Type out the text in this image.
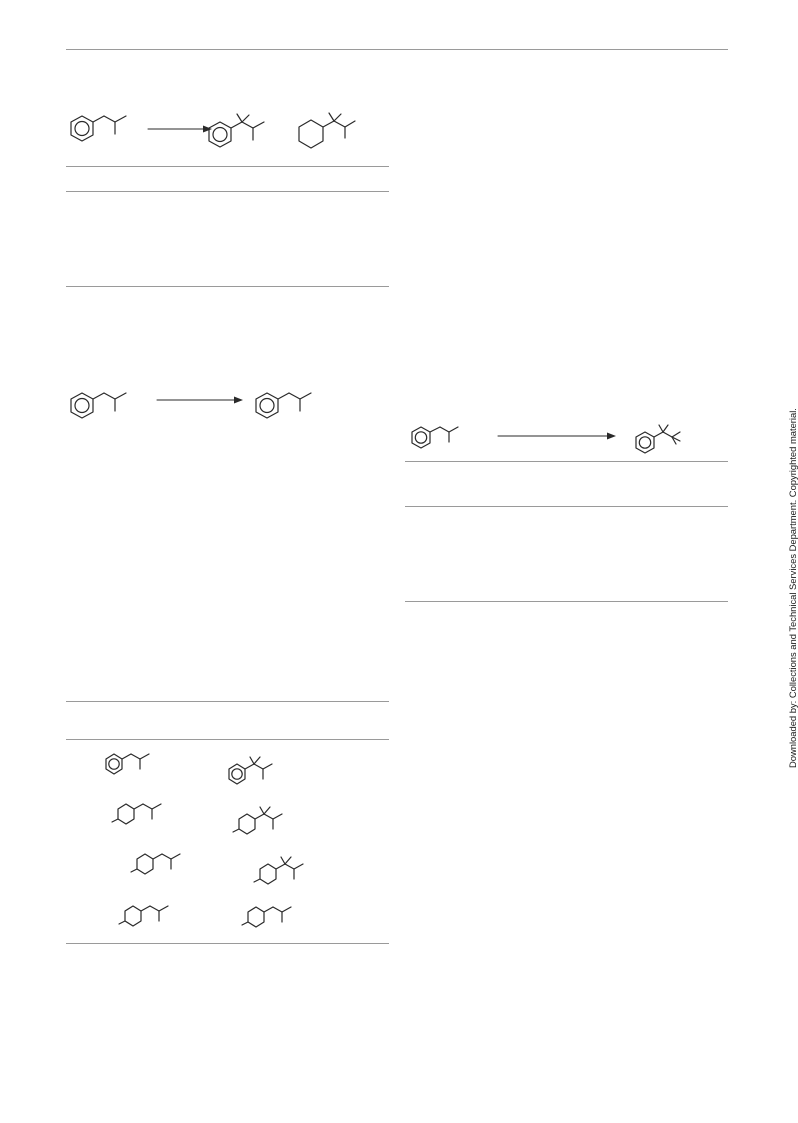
Downloaded by: Collections and Technical Services Department. Copyrighted material.
